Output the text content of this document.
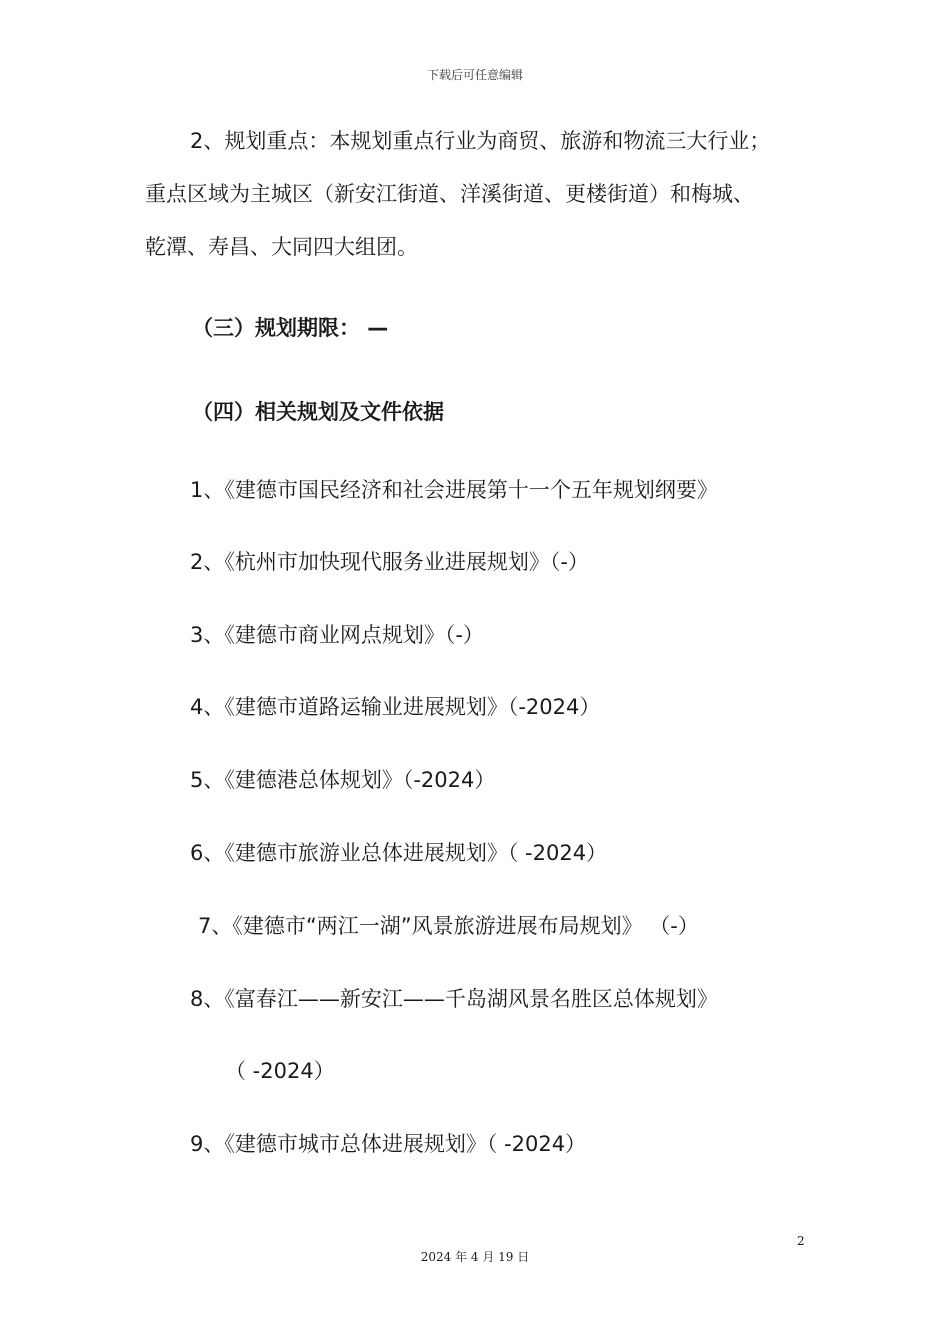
下载后可任意编辑
2、规划重点：本规划重点行业为商贸、旅游和物流三大行业；
重点区域为主城区（新安江街道、洋溪街道、更楼街道）和梅城、
乾潭、寿昌、大同四大组团。
（三）规划期限： —
（四）相关规划及文件依据
1、《建德市国民经济和社会进展第十一个五年规划纲要》
2、《杭州市加快现代服务业进展规划》（-）
3、《建德市商业网点规划》（-）
4、《建德市道路运输业进展规划》（-2024）
5、《建德港总体规划》（-2024）
6、《建德市旅游业总体进展规划》（ -2024）
7、《建德市“两江一湖”风景旅游进展布局规划》 （-）
8、《富春江——新安江——千岛湖风景名胜区总体规划》
（ -2024）
9、《建德市城市总体进展规划》（ -2024）
2
2024 年 4 月 19 日
